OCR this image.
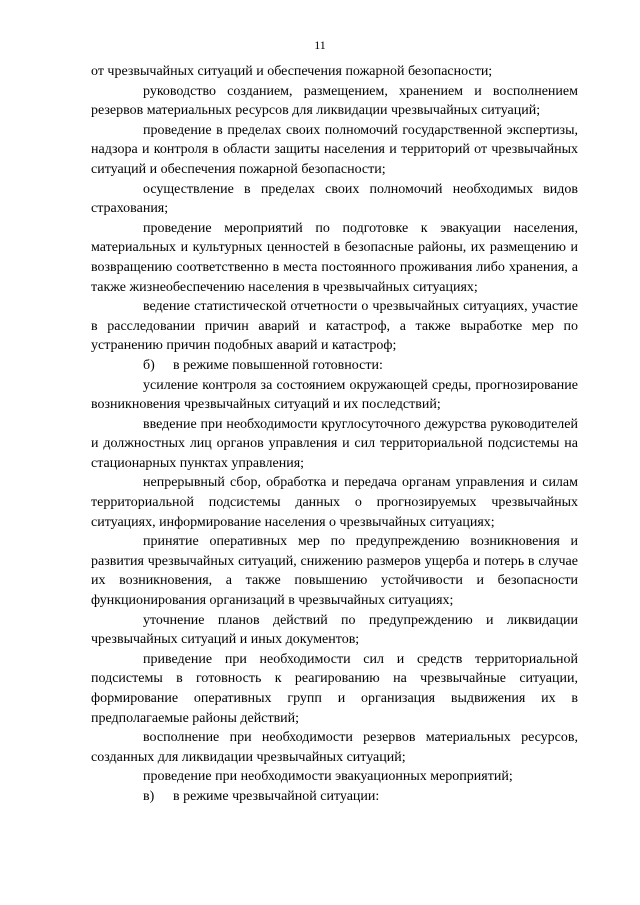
11

от чрезвычайных ситуаций и обеспечения пожарной безопасности;

руководство созданием, размещением, хранением и восполнением резервов материальных ресурсов для ликвидации чрезвычайных ситуаций;

проведение в пределах своих полномочий государственной экспертизы, надзора и контроля в области защиты населения и территорий от чрезвычайных ситуаций и обеспечения пожарной безопасности;

осуществление в пределах своих полномочий необходимых видов страхования;

проведение мероприятий по подготовке к эвакуации населения, материальных и культурных ценностей в безопасные районы, их размещению и возвращению соответственно в места постоянного проживания либо хранения, а также жизнеобеспечению населения в чрезвычайных ситуациях;

ведение статистической отчетности о чрезвычайных ситуациях, участие в расследовании причин аварий и катастроф, а также выработке мер по устранению причин подобных аварий и катастроф;

б) в режиме повышенной готовности:

усиление контроля за состоянием окружающей среды, прогнозирование возникновения чрезвычайных ситуаций и их последствий;

введение при необходимости круглосуточного дежурства руководителей и должностных лиц органов управления и сил территориальной подсистемы на стационарных пунктах управления;

непрерывный сбор, обработка и передача органам управления и силам территориальной подсистемы данных о прогнозируемых чрезвычайных ситуациях, информирование населения о чрезвычайных ситуациях;

принятие оперативных мер по предупреждению возникновения и развития чрезвычайных ситуаций, снижению размеров ущерба и потерь в случае их возникновения, а также повышению устойчивости и безопасности функционирования организаций в чрезвычайных ситуациях;

уточнение планов действий по предупреждению и ликвидации чрезвычайных ситуаций и иных документов;

приведение при необходимости сил и средств территориальной подсистемы в готовность к реагированию на чрезвычайные ситуации, формирование оперативных групп и организация выдвижения их в предполагаемые районы действий;

восполнение при необходимости резервов материальных ресурсов, созданных для ликвидации чрезвычайных ситуаций;

проведение при необходимости эвакуационных мероприятий;

в) в режиме чрезвычайной ситуации:
